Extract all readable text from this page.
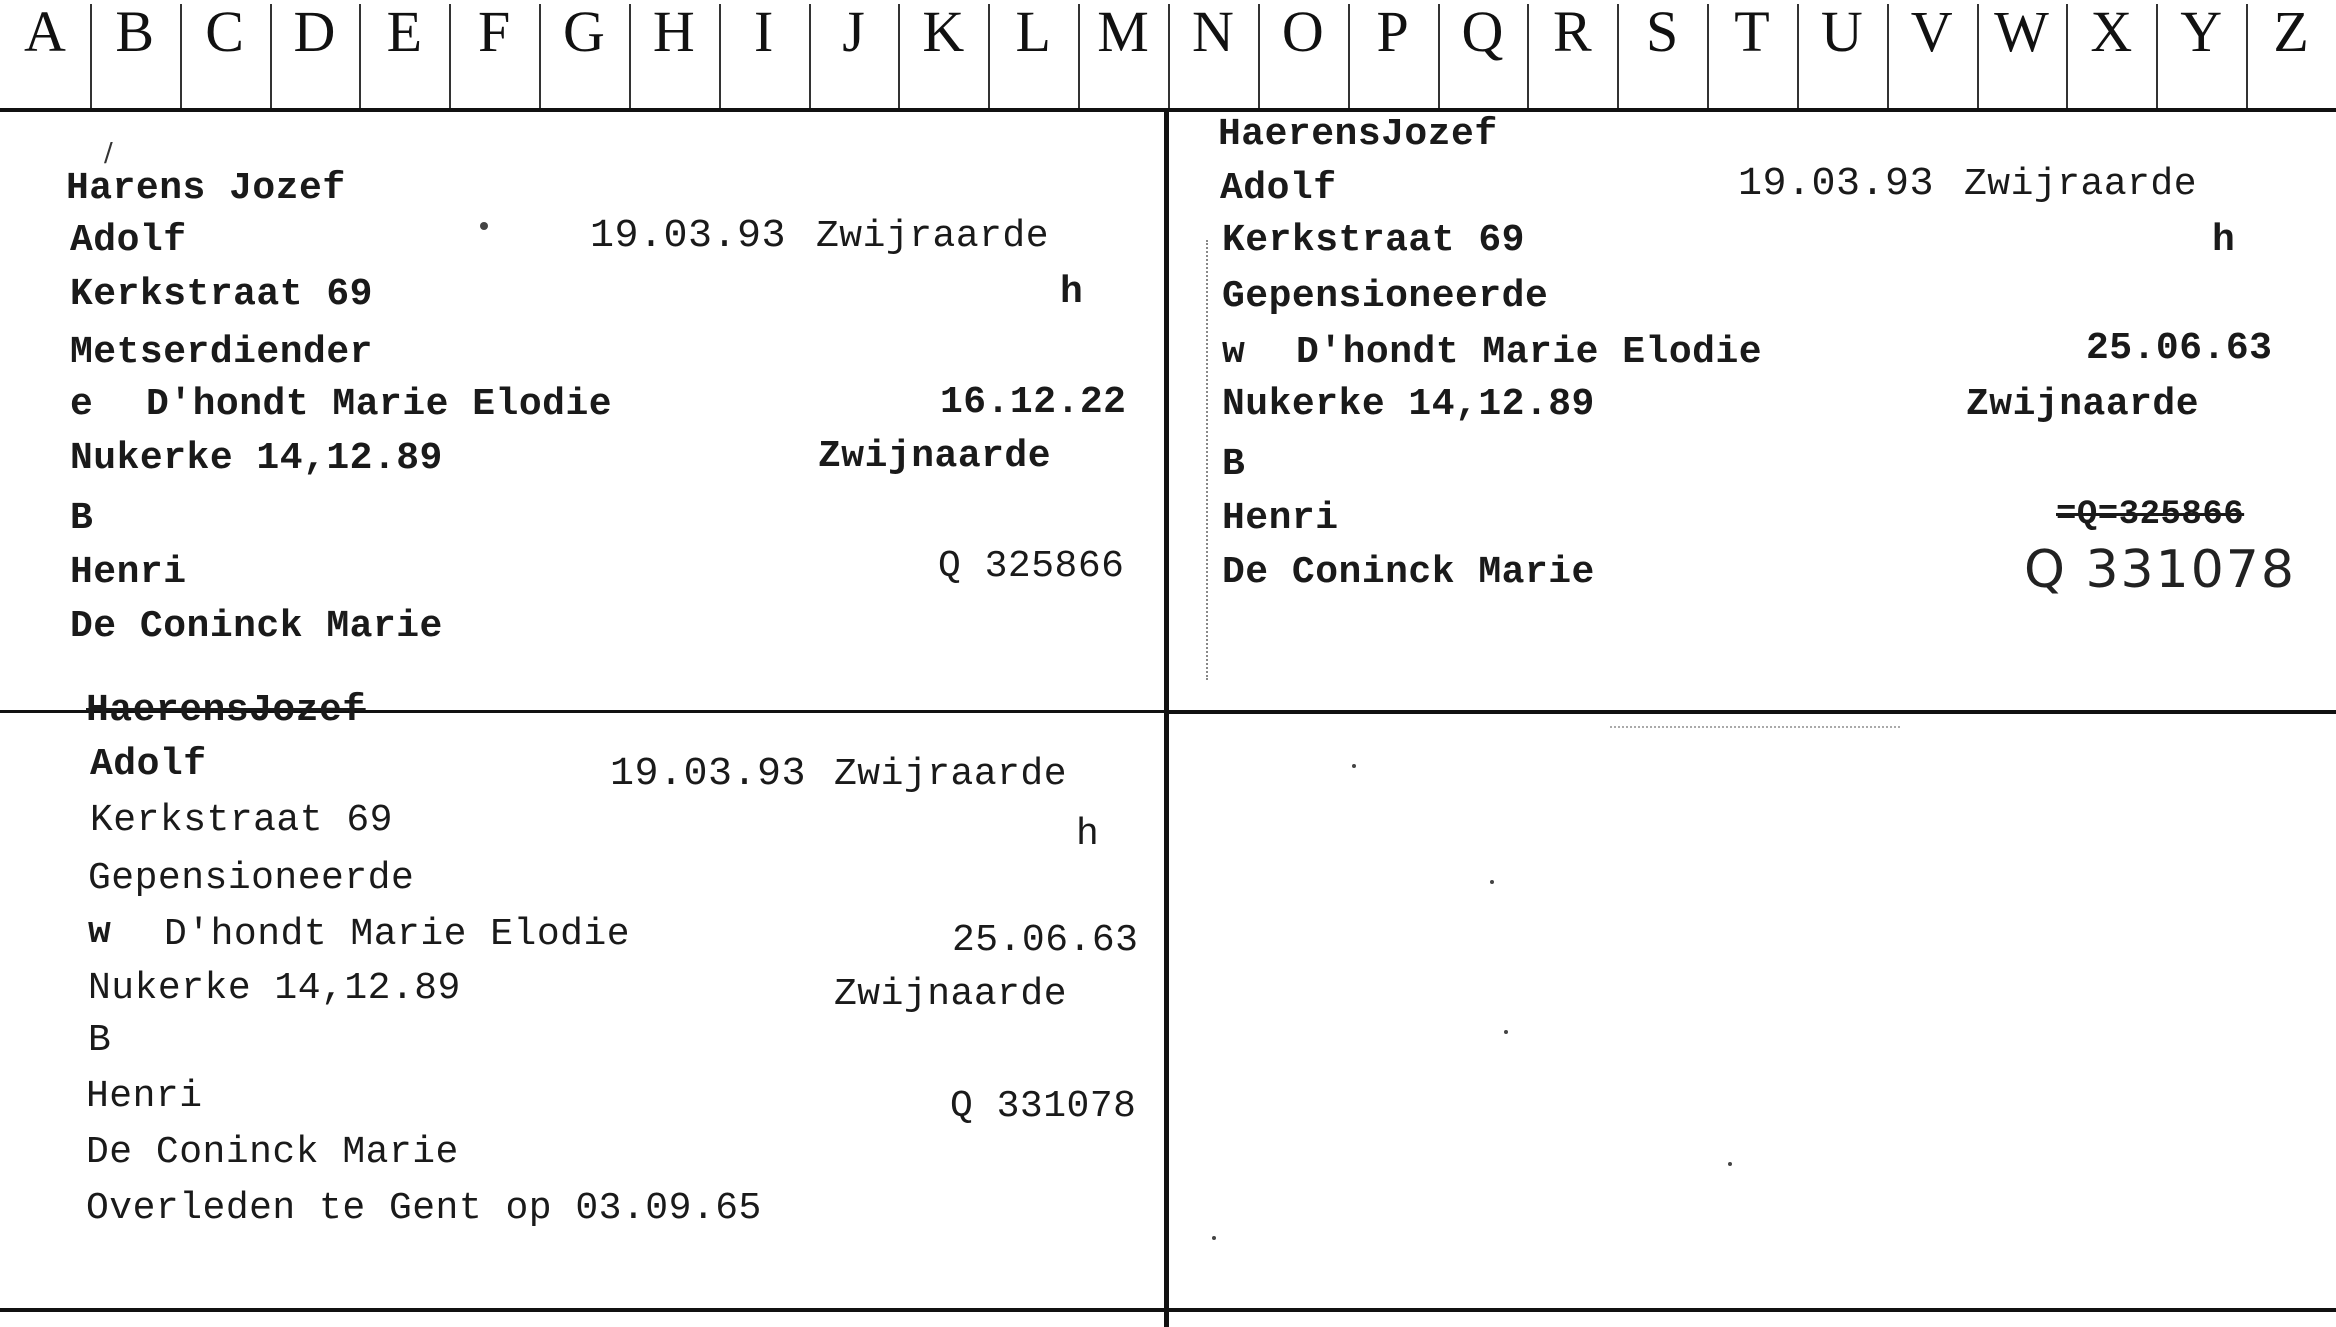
A B C D E F G H	I	J K L M N O P Q R S T U V W X Y Z
Harens Jozef
/
Adolf	19.03.93 Zwijraarde
Kerkstraat 69	h
Metserdiender
e D'hondt Marie Elodie	16.12.22
Nukerke 14,12.89	Zwijnaarde
B
Henri	Q 325866
De Coninck Marie
HaerensJozef
Adolf	19.03.93 Zwijraarde
Kerkstraat 69	h
Gepensioneerde
w D'hondt Marie Elodie	25.06.63
Nukerke 14,12.89	Zwijnaarde
B
Henri	=Q=325866
De Coninck Marie	Q 331078
HaerensJozef
Adolf	19.03.93 Zwijraarde
Kerkstraat 69	h
Gepensioneerde
w D'hondt Marie Elodie	25.06.63
Nukerke 14,12.89	Zwijnaarde
B
Henri	Q 331078
De Coninck Marie
Overleden te Gent op 03.09.65
